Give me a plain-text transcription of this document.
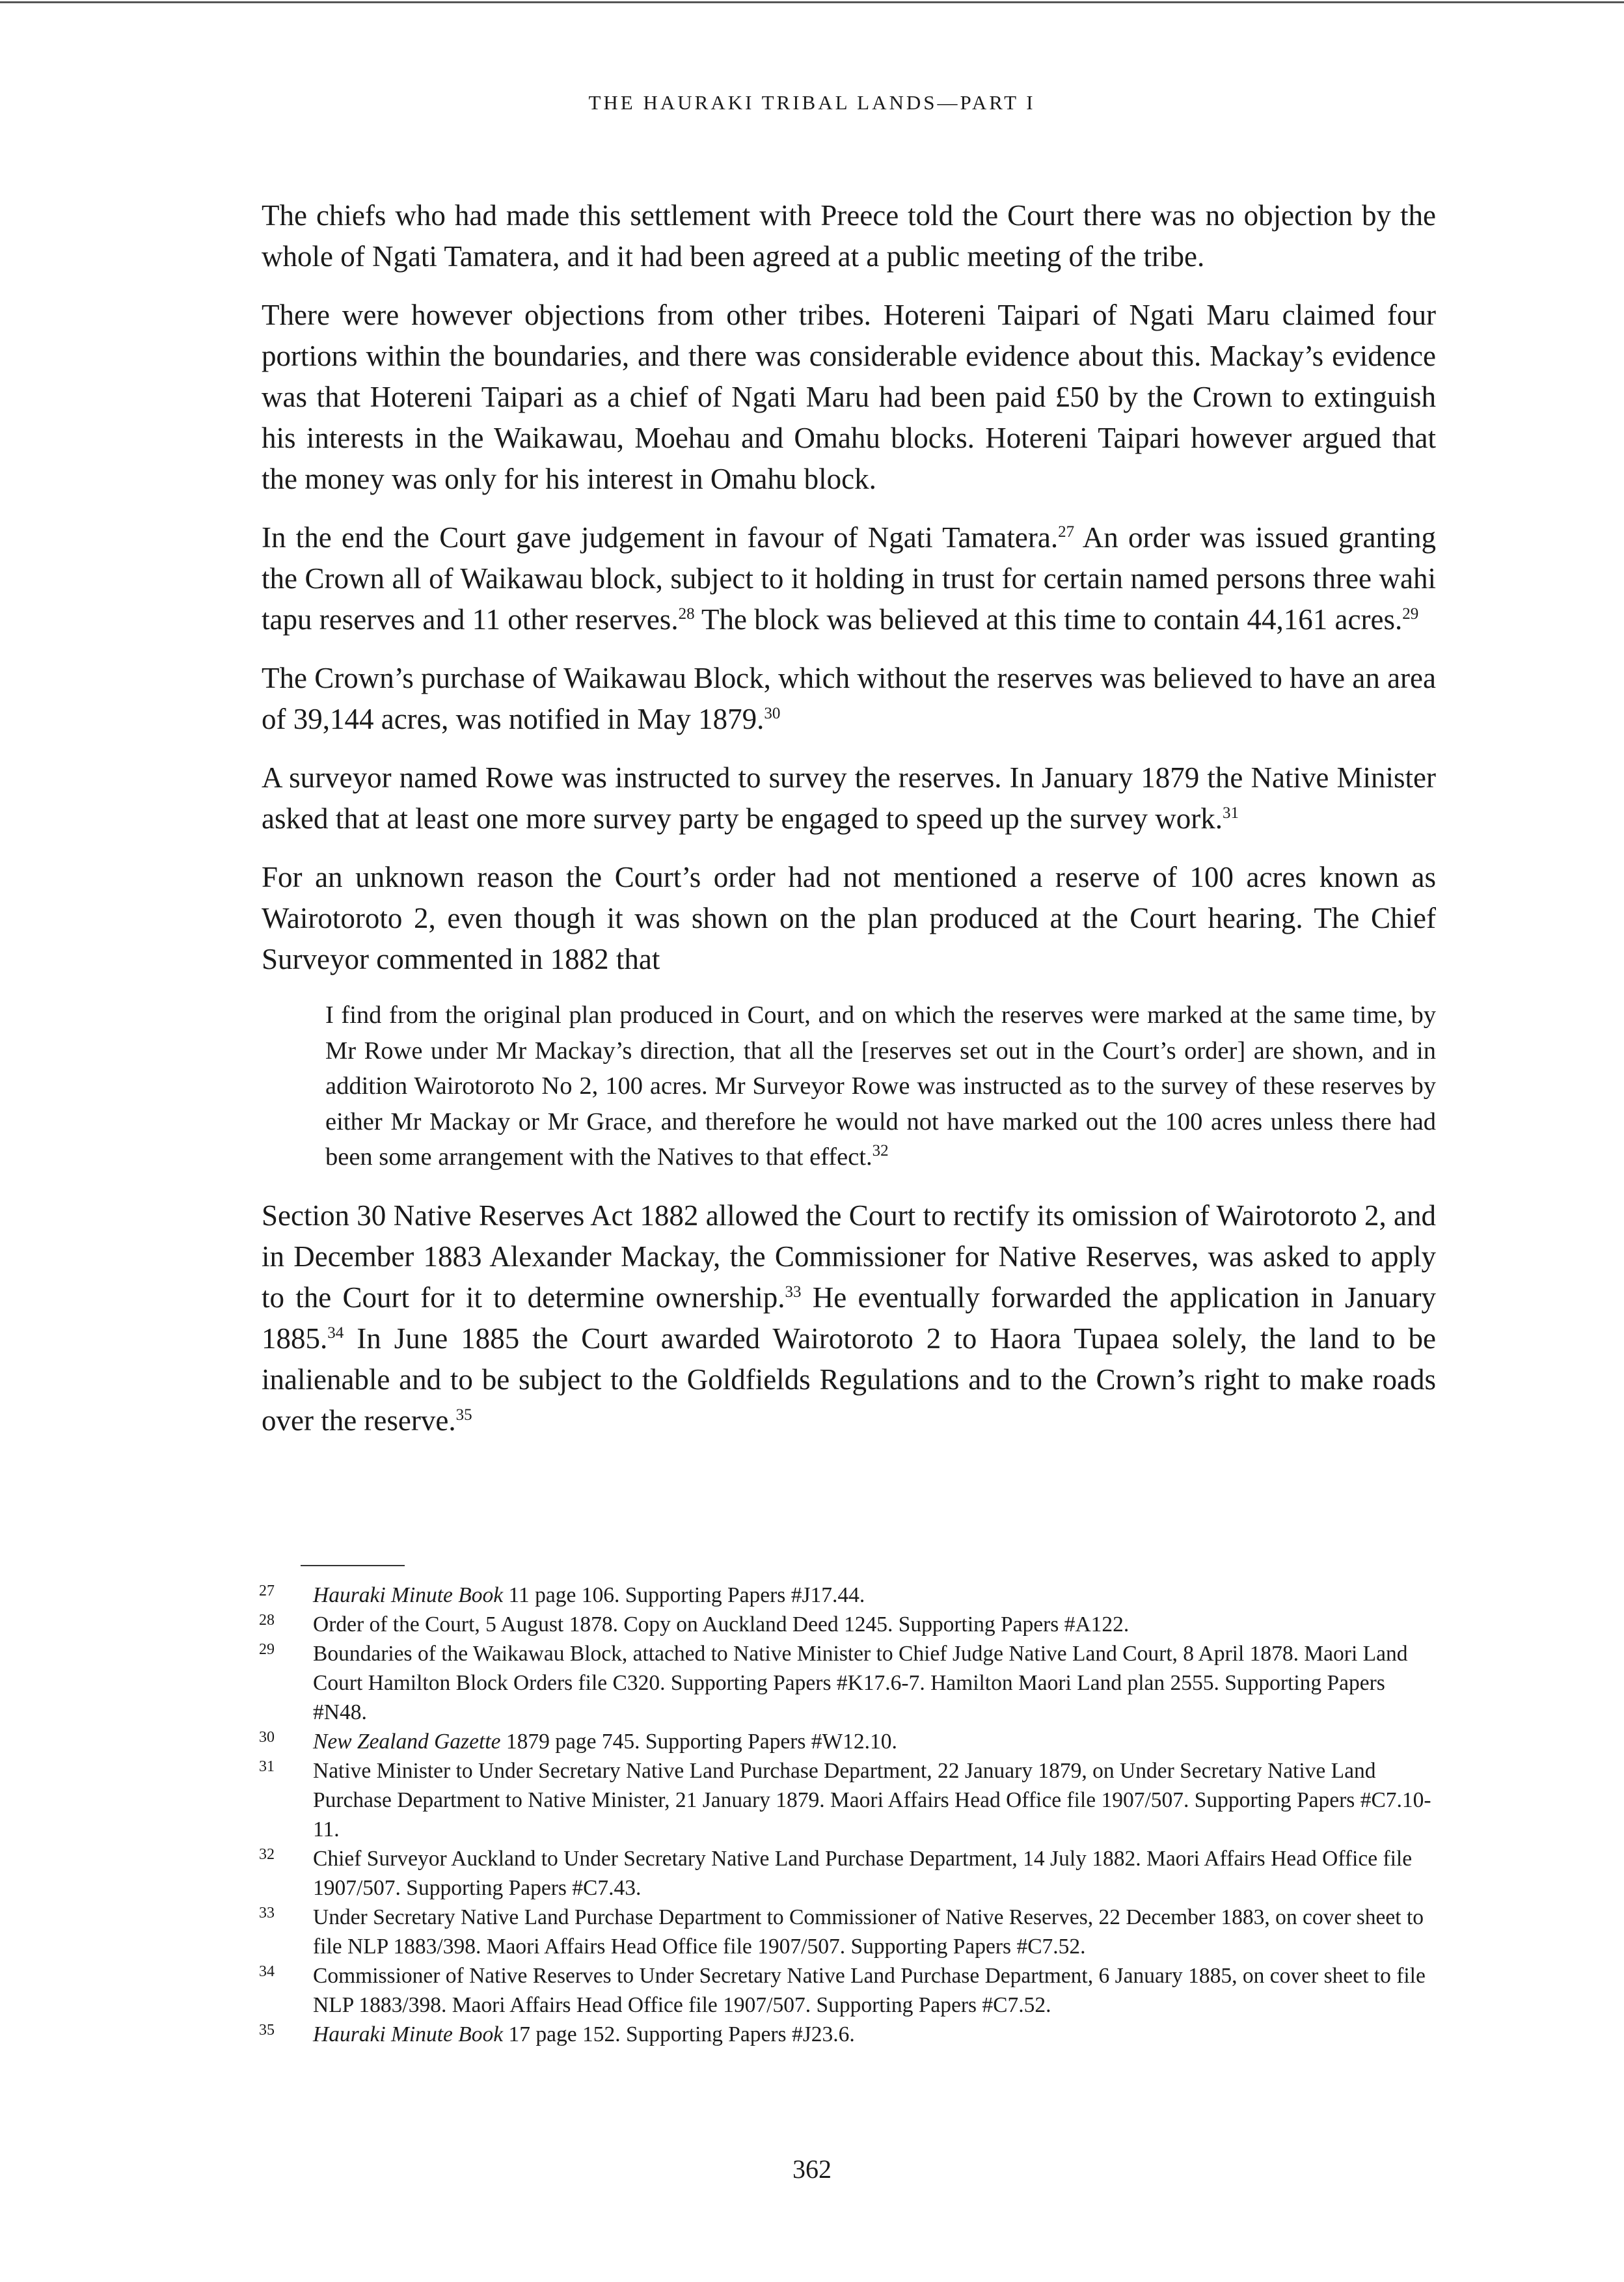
THE HAURAKI TRIBAL LANDS—PART I

The chiefs who had made this settlement with Preece told the Court there was no objection by the whole of Ngati Tamatera, and it had been agreed at a public meeting of the tribe.

There were however objections from other tribes. Hotereni Taipari of Ngati Maru claimed four portions within the boundaries, and there was considerable evidence about this. Mackay’s evidence was that Hotereni Taipari as a chief of Ngati Maru had been paid £50 by the Crown to extinguish his interests in the Waikawau, Moehau and Omahu blocks. Hotereni Taipari however argued that the money was only for his interest in Omahu block.

In the end the Court gave judgement in favour of Ngati Tamatera.$^{27}$ An order was issued granting the Crown all of Waikawau block, subject to it holding in trust for certain named persons three wahi tapu reserves and 11 other reserves.$^{28}$ The block was believed at this time to contain 44,161 acres.$^{29}$

The Crown’s purchase of Waikawau Block, which without the reserves was believed to have an area of 39,144 acres, was notified in May 1879.30

A surveyor named Rowe was instructed to survey the reserves. In January 1879 the Native Minister asked that at least one more survey party be engaged to speed up the survey work.$^{31}$

For an unknown reason the Court’s order had not mentioned a reserve of 100 acres known as Wairotoroto 2, even though it was shown on the plan produced at the Court hearing. The Chief Surveyor commented in 1882 that

I find from the original plan produced in Court, and on which the reserves were marked at the same time, by Mr Rowe under Mr Mackay’s direction, that all the [reserves set out in the Court’s order] are shown, and in addition Wairotoroto No 2, 100 acres. Mr Surveyor Rowe was instructed as to the survey of these reserves by either Mr Mackay or Mr Grace, and therefore he would not have marked out the 100 acres unless there had been some arrangement with the Natives to that effect.$^{32}$

Section 30 Native Reserves Act 1882 allowed the Court to rectify its omission of Wairotoroto 2, and in December 1883 Alexander Mackay, the Commissioner for Native Reserves, was asked to apply to the Court for it to determine ownership.$^{33}$ He eventually forwarded the application in January 1885.34 In June 1885 the Court awarded Wairotoroto 2 to Haora Tupaea solely, the land to be inalienable and to be subject to the Goldfields Regulations and to the Crown’s right to make roads over the reserve.$^{35}$

27 Hauraki Minute Book 11 page 106. Supporting Papers #J17.44.
28 Order of the Court, 5 August 1878. Copy on Auckland Deed 1245. Supporting Papers #A122.
29 Boundaries of the Waikawau Block, attached to Native Minister to Chief Judge Native Land Court, 8 April 1878. Maori Land Court Hamilton Block Orders file C320. Supporting Papers #K17.6-7. Hamilton Maori Land plan 2555. Supporting Papers #N48.
30 New Zealand Gazette 1879 page 745. Supporting Papers #W12.10.
31 Native Minister to Under Secretary Native Land Purchase Department, 22 January 1879, on Under Secretary Native Land Purchase Department to Native Minister, 21 January 1879. Maori Affairs Head Office file 1907/507. Supporting Papers #C7.10-11.
32 Chief Surveyor Auckland to Under Secretary Native Land Purchase Department, 14 July 1882. Maori Affairs Head Office file 1907/507. Supporting Papers #C7.43.
33 Under Secretary Native Land Purchase Department to Commissioner of Native Reserves, 22 December 1883, on cover sheet to file NLP 1883/398. Maori Affairs Head Office file 1907/507. Supporting Papers #C7.52.
34 Commissioner of Native Reserves to Under Secretary Native Land Purchase Department, 6 January 1885, on cover sheet to file NLP 1883/398. Maori Affairs Head Office file 1907/507. Supporting Papers #C7.52.
35 Hauraki Minute Book 17 page 152. Supporting Papers #J23.6.
362
